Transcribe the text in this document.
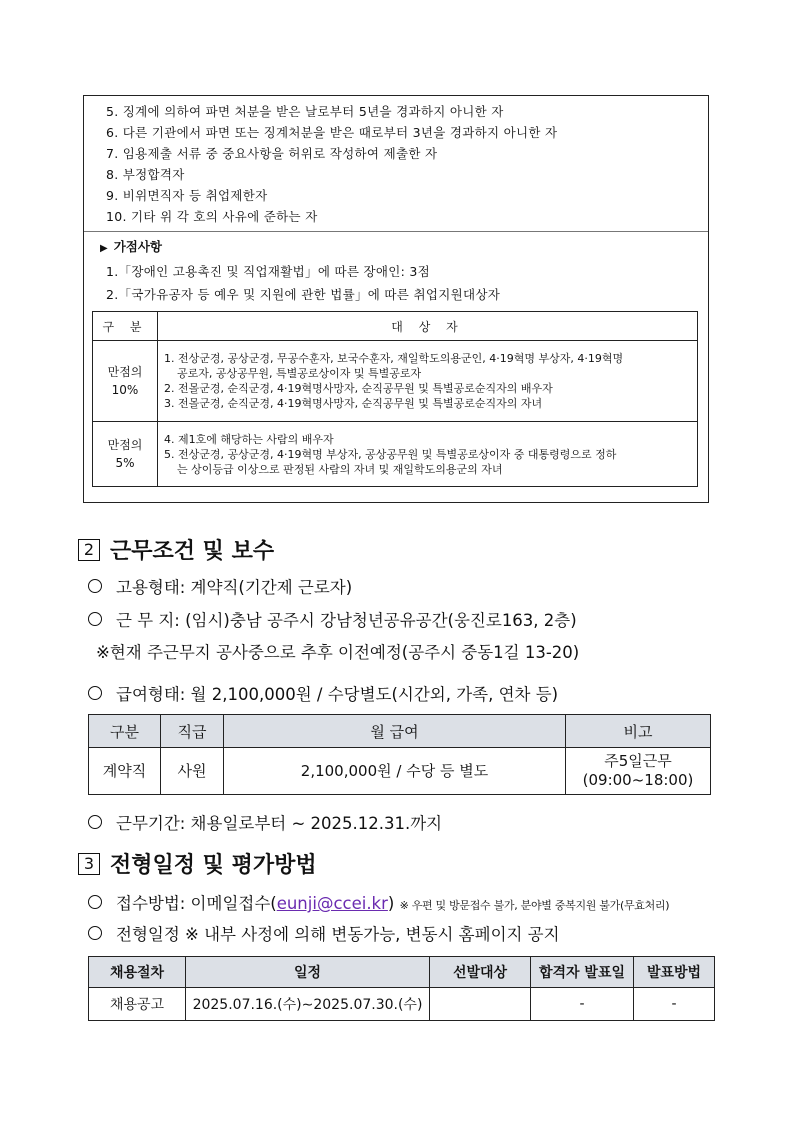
5. 징계에 의하여 파면 처분을 받은 날로부터 5년을 경과하지 아니한 자
6. 다른 기관에서 파면 또는 징계처분을 받은 때로부터 3년을 경과하지 아니한 자
7. 임용제출 서류 중 중요사항을 허위로 작성하여 제출한 자
8. 부정합격자
9. 비위면직자 등 취업제한자
10. 기타 위 각 호의 사유에 준하는 자
▶ 가점사항
1.「장애인 고용촉진 및 직업재활법」에 따른 장애인: 3점
2.「국가유공자 등 예우 및 지원에 관한 법률」에 따른 취업지원대상자
구 분	대 상 자
만점의
10%	1. 전상군경, 공상군경, 무공수훈자, 보국수훈자, 재일학도의용군인, 4·19혁명 부상자, 4·19혁명
공로자, 공상공무원, 특별공로상이자 및 특별공로자
2. 전몰군경, 순직군경, 4·19혁명사망자, 순직공무원 및 특별공로순직자의 배우자
3. 전몰군경, 순직군경, 4·19혁명사망자, 순직공무원 및 특별공로순직자의 자녀

만점의
5%	4. 제1호에 해당하는 사람의 배우자
5. 전상군경, 공상군경, 4·19혁명 부상자, 공상공무원 및 특별공로상이자 중 대통령령으로 정하
는 상이등급 이상으로 판정된 사람의 자녀 및 재일학도의용군의 자녀
2 근무조건 및 보수
고용형태: 계약직(기간제 근로자)
근 무 지: (임시)충남 공주시 강남청년공유공간(웅진로163, 2층)
※현재 주근무지 공사중으로 추후 이전예정(공주시 중동1길 13-20)
급여형태: 월 2,100,000원 / 수당별도(시간외, 가족, 연차 등)
구분	직급	월 급여	비고
계약직	사원	2,100,000원 / 수당 등 별도	주5일근무
(09:00~18:00)
근무기간: 채용일로부터 ~ 2025.12.31.까지
3 전형일정 및 평가방법
접수방법: 이메일접수(eunji@ccei.kr) ※ 우편 및 방문접수 불가, 분야별 중복지원 불가(무효처리)
전형일정 ※ 내부 사정에 의해 변동가능, 변동시 홈페이지 공지
채용절차	일정	선발대상	합격자 발표일	발표방법
채용공고	2025.07.16.(수)∼2025.07.30.(수)		-	-
